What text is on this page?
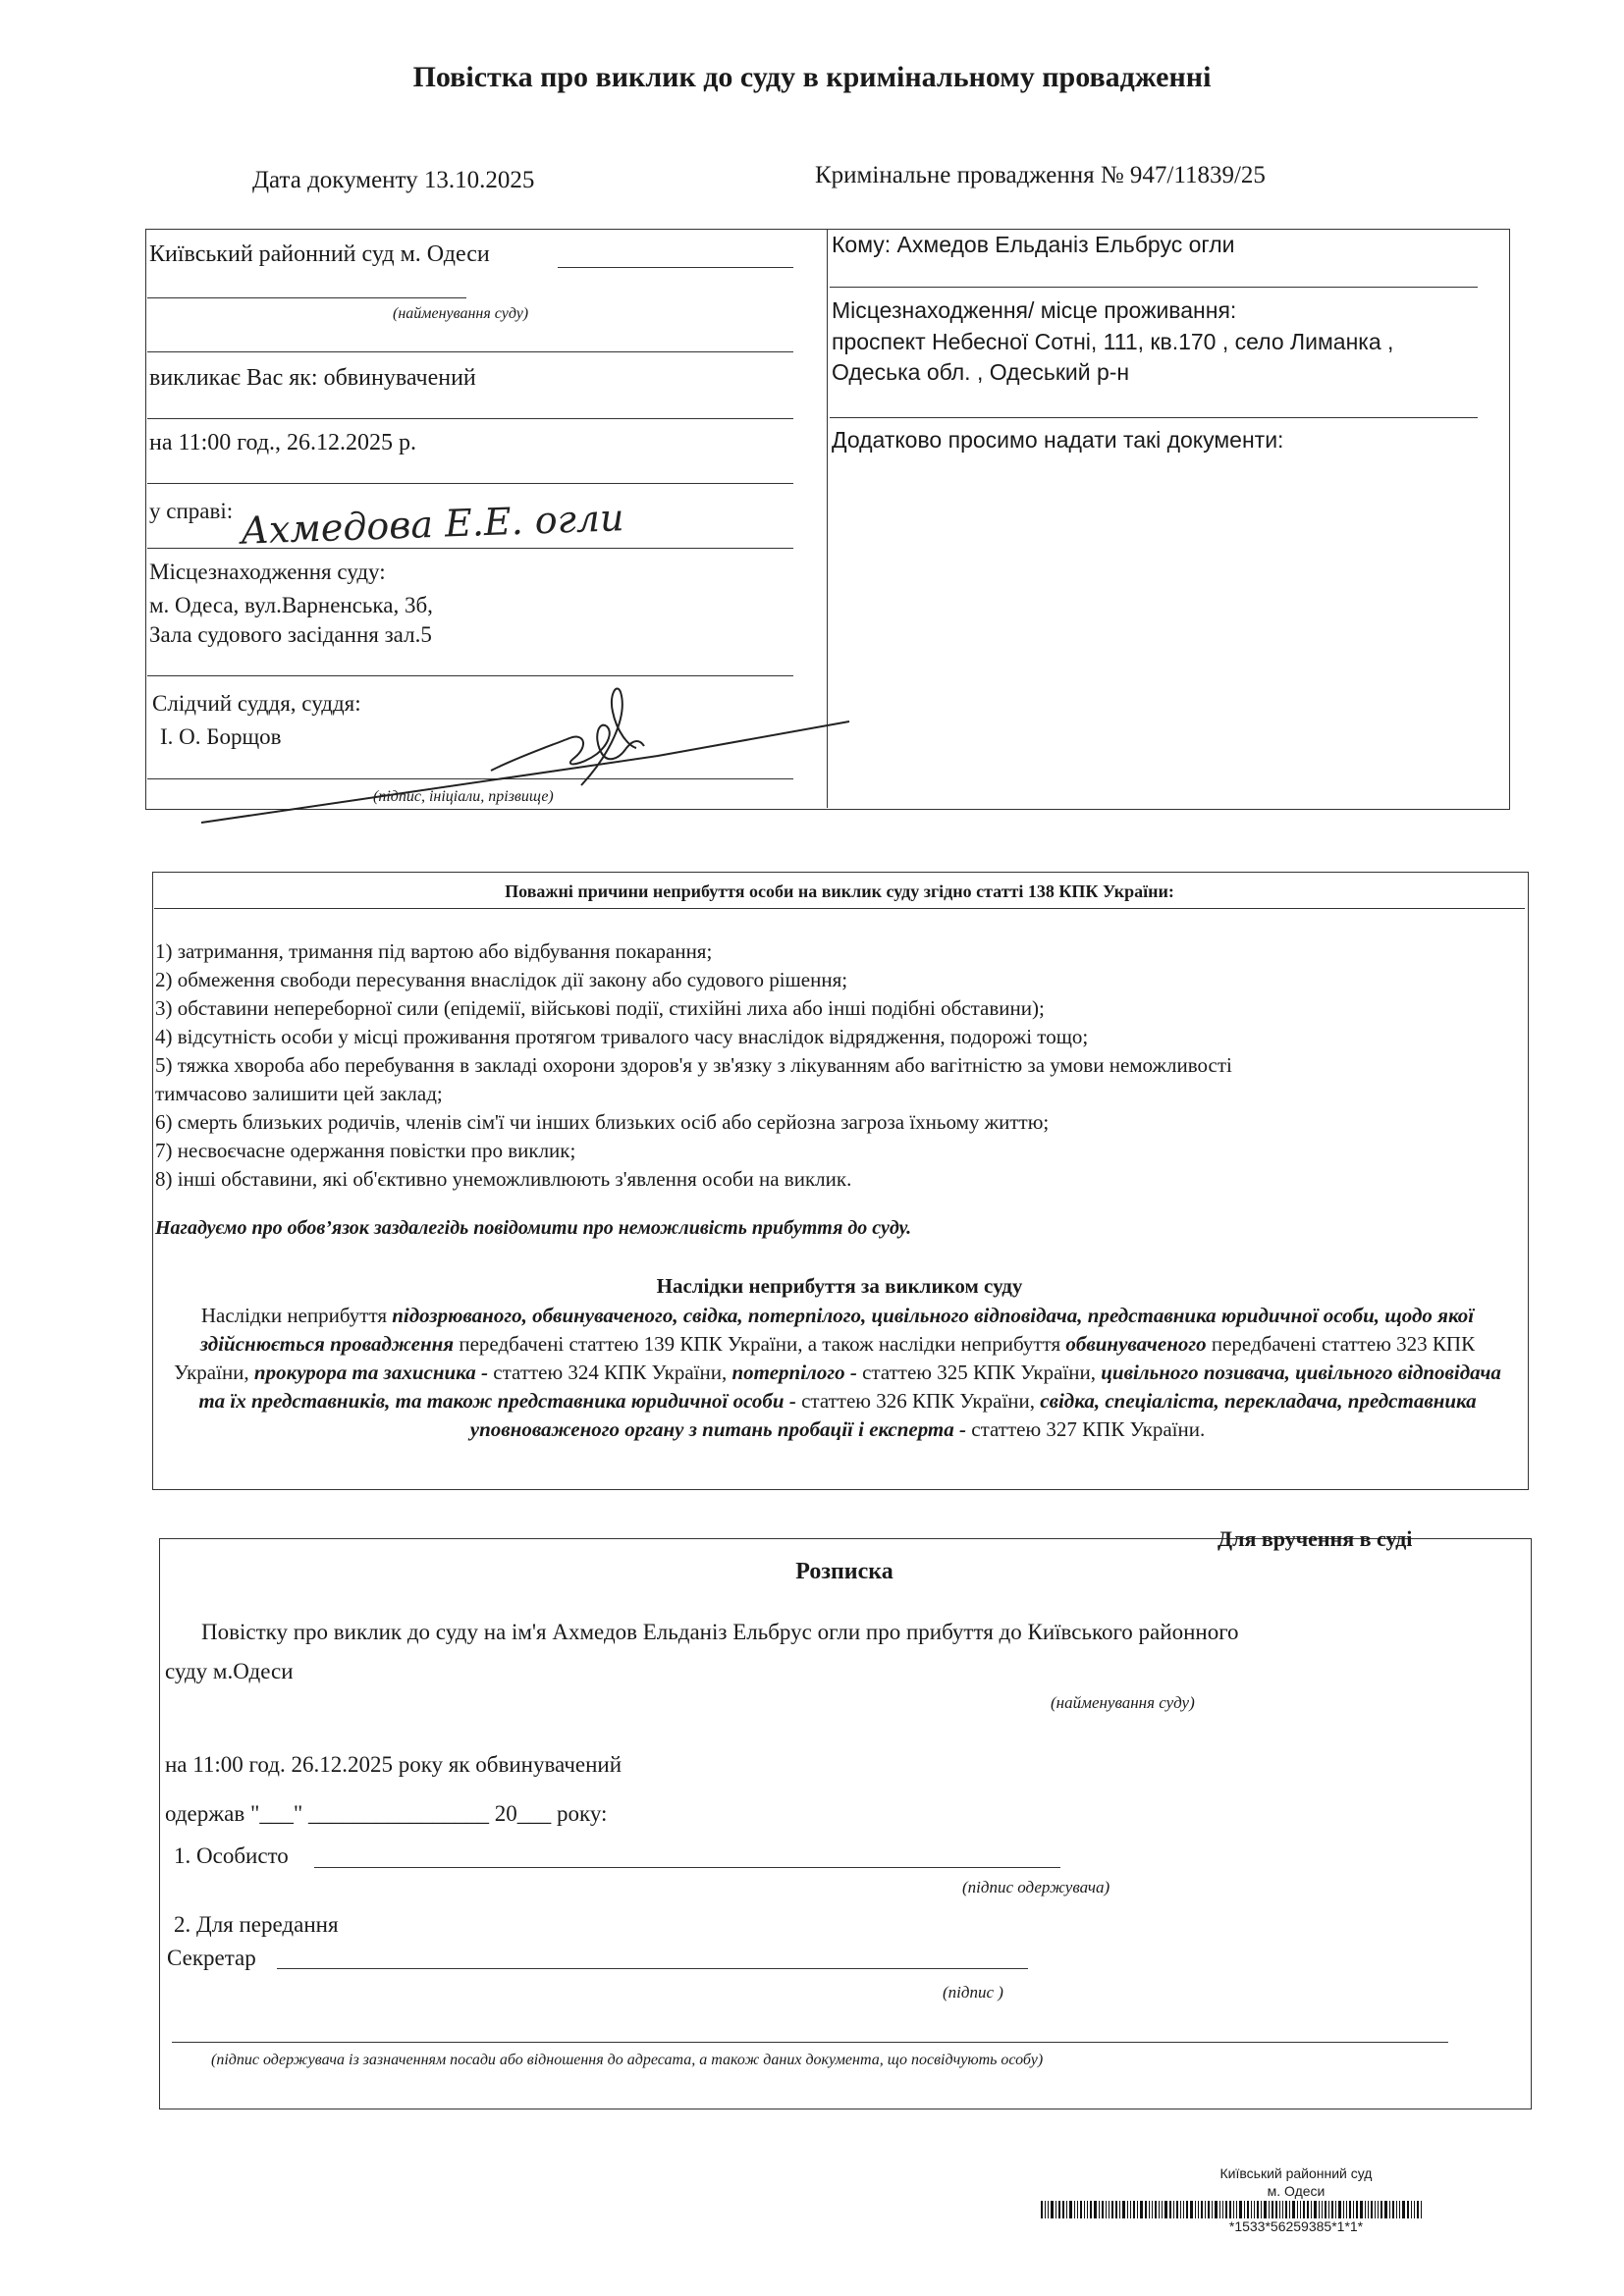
Повістка про виклик до суду в кримінальному провадженні
Дата документу 13.10.2025	Кримінальне провадження № 947/11839/25
Київський районний суд м. Одеси
(найменування суду)
викликає Вас як: обвинувачений
на 11:00 год., 26.12.2025 р.
у справі: Ахмедова Е.Е. огли
Місцезнаходження суду:
м. Одеса, вул.Варненська, 3б,
Зала судового засідання зал.5
Слідчий суддя, суддя:
І. О. Борщов
(підпис, ініціали, прізвище)
Кому: Ахмедов Ельданіз Ельбрус огли
Місцезнаходження/ місце проживання:
проспект Небесної Сотні, 111, кв.170 , село Лиманка ,
Одеська обл. , Одеський р-н
Додатково просимо надати такі документи:
Поважні причини неприбуття особи на виклик суду згідно статті 138 КПК України:
1) затримання, тримання під вартою або відбування покарання;
2) обмеження свободи пересування внаслідок дії закону або судового рішення;
3) обставини непереборної сили (епідемії, військові події, стихійні лиха або інші подібні обставини);
4) відсутність особи у місці проживання протягом тривалого часу внаслідок відрядження, подорожі тощо;
5) тяжка хвороба або перебування в закладі охорони здоров'я у зв'язку з лікуванням або вагітністю за умови неможливості
тимчасово залишити цей заклад;
6) смерть близьких родичів, членів сім'ї чи інших близьких осіб або серйозна загроза їхньому життю;
7) несвоєчасне одержання повістки про виклик;
8) інші обставини, які об'єктивно унеможливлюють з'явлення особи на виклик.
Нагадуємо про обов’язок заздалегідь повідомити про неможливість прибуття до суду.
Наслідки неприбуття за викликом суду
Наслідки неприбуття підозрюваного, обвинуваченого, свідка, потерпілого, цивільного відповідача, представника юридичної особи, щодо якої здійснюється провадження передбачені статтею 139 КПК України, а також наслідки неприбуття обвинуваченого передбачені статтею 323 КПК України, прокурора та захисника - статтею 324 КПК України, потерпілого - статтею 325 КПК України, цивільного позивача, цивільного відповідача та їх представників, та також представника юридичної особи - статтею 326 КПК України, свідка, спеціаліста, перекладача, представника уповноваженого органу з питань пробації і експерта - статтею 327 КПК України.
Для вручення в суді
Розписка
Повістку про виклик до суду на ім'я Ахмедов Ельданіз Ельбрус огли про прибуття до Київського районного
суду м.Одеси
(найменування суду)
на 11:00 год. 26.12.2025 року як обвинувачений
одержав "___" ________________ 20___ року:
1. Особисто
(підпис одержувача)
2. Для передання
Секретар
(підпис )
(підпис одержувача із зазначенням посади або відношення до адресата, а також даних документа, що посвідчують особу)
Київський районний суд
м. Одеси
*1533*56259385*1*1*
